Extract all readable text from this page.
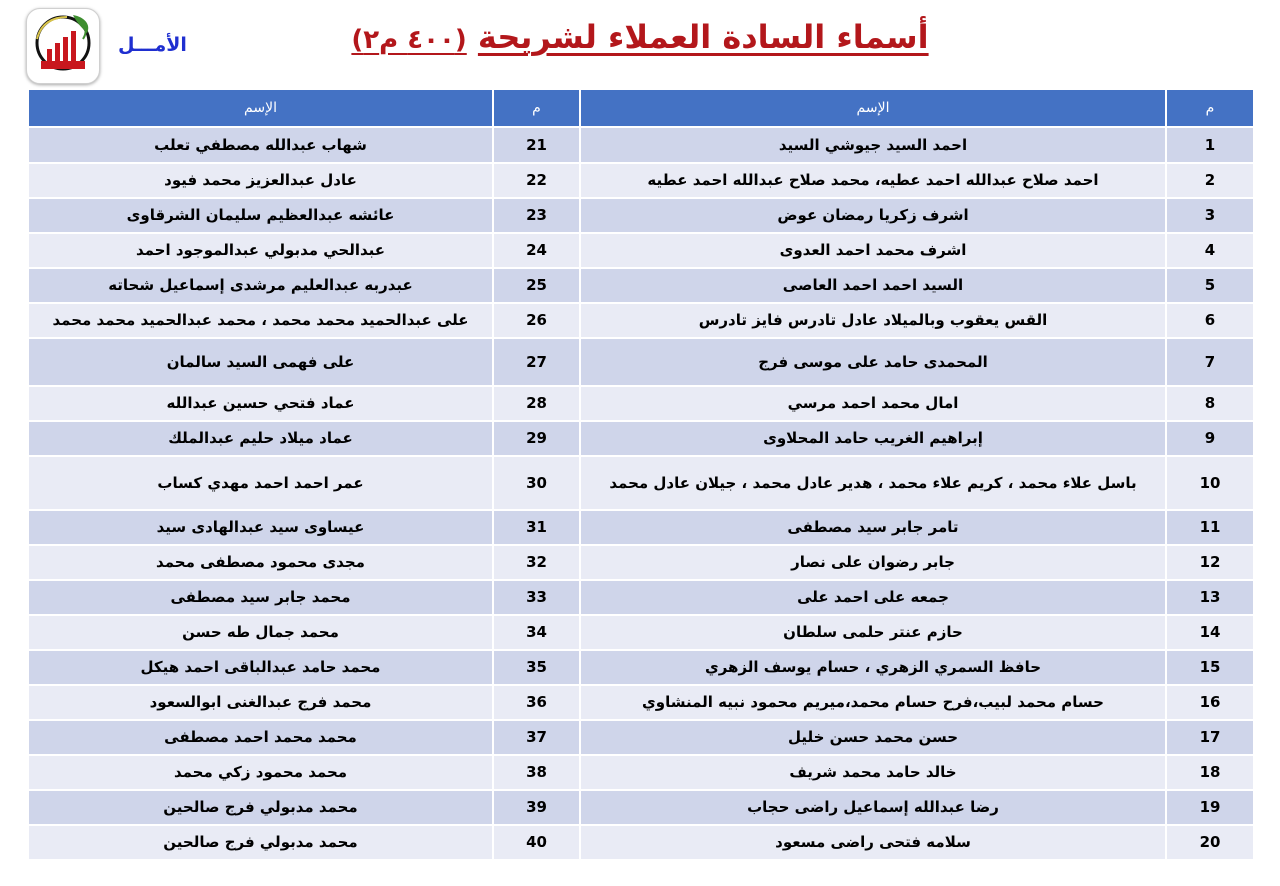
الأمـــل	أسماء السادة العملاء لشريحة (٤٠٠ م٢)
م	الإسم	م	الإسم
1	احمد السيد جيوشي السيد	21	شهاب عبدالله مصطفي تعلب
2	احمد صلاح عبدالله احمد عطيه، محمد صلاح عبدالله احمد عطيه	22	عادل عبدالعزيز محمد فيود
3	اشرف زكريا رمضان عوض	23	عائشه عبدالعظيم سليمان الشرقاوى
4	اشرف محمد احمد العدوى	24	عبدالحي مدبولي عبدالموجود احمد
5	السيد احمد احمد العاصى	25	عبدربه عبدالعليم مرشدى إسماعيل شحاته
6	القس يعقوب وبالميلاد عادل تادرس فايز تادرس	26	على عبدالحميد محمد محمد ، محمد عبدالحميد محمد محمد
7	المحمدى حامد على موسى فرج	27	على فهمى السيد سالمان
8	امال محمد احمد مرسي	28	عماد فتحي حسين عبدالله
9	إبراهيم الغريب حامد المحلاوى	29	عماد ميلاد حليم عبدالملك
10	باسل علاء محمد ، كريم علاء محمد ، هدير عادل محمد ، جيلان عادل محمد	30	عمر احمد احمد مهدي كساب
11	تامر جابر سيد مصطفى	31	عيساوى سيد عبدالهادى سيد
12	جابر رضوان على نصار	32	مجدى محمود مصطفى محمد
13	جمعه على احمد على	33	محمد جابر سيد مصطفى
14	حازم عنتر حلمى سلطان	34	محمد جمال طه حسن
15	حافظ السمري الزهري ، حسام يوسف الزهري	35	محمد حامد عبدالباقى احمد هيكل
16	حسام محمد لبيب،فرح حسام محمد،ميريم محمود نبيه المنشاوي	36	محمد فرج عبدالغنى ابوالسعود
17	حسن محمد حسن خليل	37	محمد محمد احمد مصطفى
18	خالد حامد محمد شريف	38	محمد محمود زكي محمد
19	رضا عبدالله إسماعيل راضى حجاب	39	محمد مدبولي فرج صالحين
20	سلامه فتحى راضى مسعود	40	محمد مدبولي فرج صالحين
